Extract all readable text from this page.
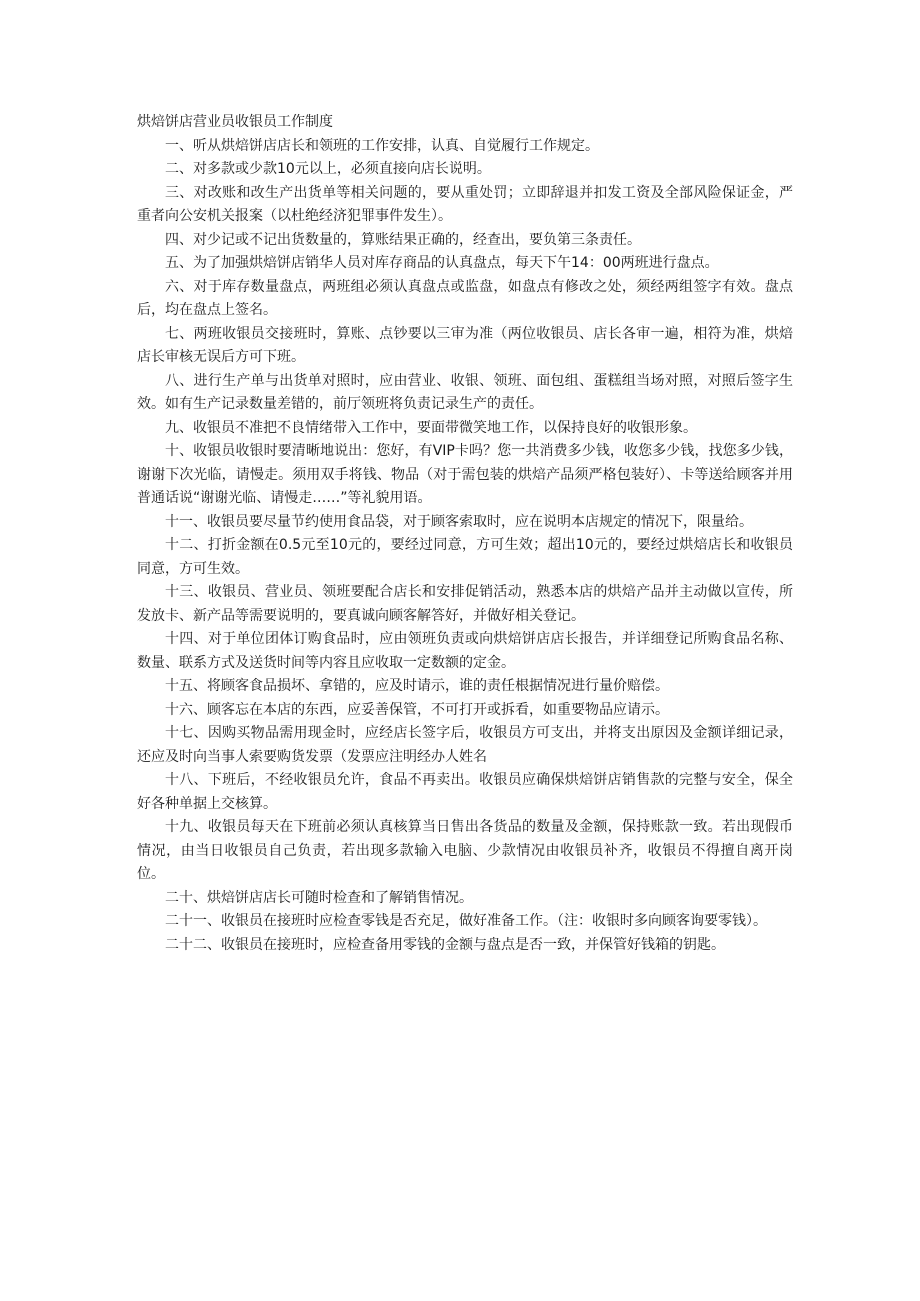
烘焙饼店营业员收银员工作制度

一、听从烘焙饼店店长和领班的工作安排，认真、自觉履行工作规定。

二、对多款或少款10元以上，必须直接向店长说明。

三、对改账和改生产出货单等相关问题的，要从重处罚；立即辞退并扣发工资及全部风险保证金，严重者向公安机关报案（以杜绝经济犯罪事件发生）。

四、对少记或不记出货数量的，算账结果正确的，经查出，要负第三条责任。

五、为了加强烘焙饼店销华人员对库存商品的认真盘点，每天下午14：00两班进行盘点。

六、对于库存数量盘点，两班组必须认真盘点或监盘，如盘点有修改之处，须经两组签字有效。盘点后，均在盘点上签名。

七、两班收银员交接班时，算账、点钞要以三审为准（两位收银员、店长各审一遍，相符为准，烘焙店长审核无误后方可下班。

八、进行生产单与出货单对照时，应由营业、收银、领班、面包组、蛋糕组当场对照，对照后签字生效。如有生产记录数量差错的，前厅领班将负责记录生产的责任。

九、收银员不准把不良情绪带入工作中，要面带微笑地工作，以保持良好的收银形象。

十、收银员收银时要清晰地说出：您好，有VIP卡吗？您一共消费多少钱，收您多少钱，找您多少钱，谢谢下次光临，请慢走。须用双手将钱、物品（对于需包装的烘焙产品须严格包装好）、卡等送给顾客并用普通话说“谢谢光临、请慢走……”等礼貌用语。

十一、收银员要尽量节约使用食品袋，对于顾客索取时，应在说明本店规定的情况下，限量给。

十二、打折金额在0.5元至10元的，要经过同意，方可生效；超出10元的，要经过烘焙店长和收银员同意，方可生效。

十三、收银员、营业员、领班要配合店长和安排促销活动，熟悉本店的烘焙产品并主动做以宣传，所发放卡、新产品等需要说明的，要真诚向顾客解答好，并做好相关登记。

十四、对于单位团体订购食品时，应由领班负责或向烘焙饼店店长报告，并详细登记所购食品名称、数量、联系方式及送货时间等内容且应收取一定数额的定金。

十五、将顾客食品损坏、拿错的，应及时请示，谁的责任根据情况进行量价赔偿。

十六、顾客忘在本店的东西，应妥善保管，不可打开或拆看，如重要物品应请示。

十七、因购买物品需用现金时，应经店长签字后，收银员方可支出，并将支出原因及金额详细记录，还应及时向当事人索要购货发票（发票应注明经办人姓名

十八、下班后，不经收银员允许，食品不再卖出。收银员应确保烘焙饼店销售款的完整与安全，保全好各种单据上交核算。

十九、收银员每天在下班前必须认真核算当日售出各货品的数量及金额，保持账款一致。若出现假币情况，由当日收银员自己负责，若出现多款输入电脑、少款情况由收银员补齐，收银员不得擅自离开岗位。

二十、烘焙饼店店长可随时检查和了解销售情况。

二十一、收银员在接班时应检查零钱是否充足，做好准备工作。（注：收银时多向顾客询要零钱）。

二十二、收银员在接班时，应检查备用零钱的金额与盘点是否一致，并保管好钱箱的钥匙。
